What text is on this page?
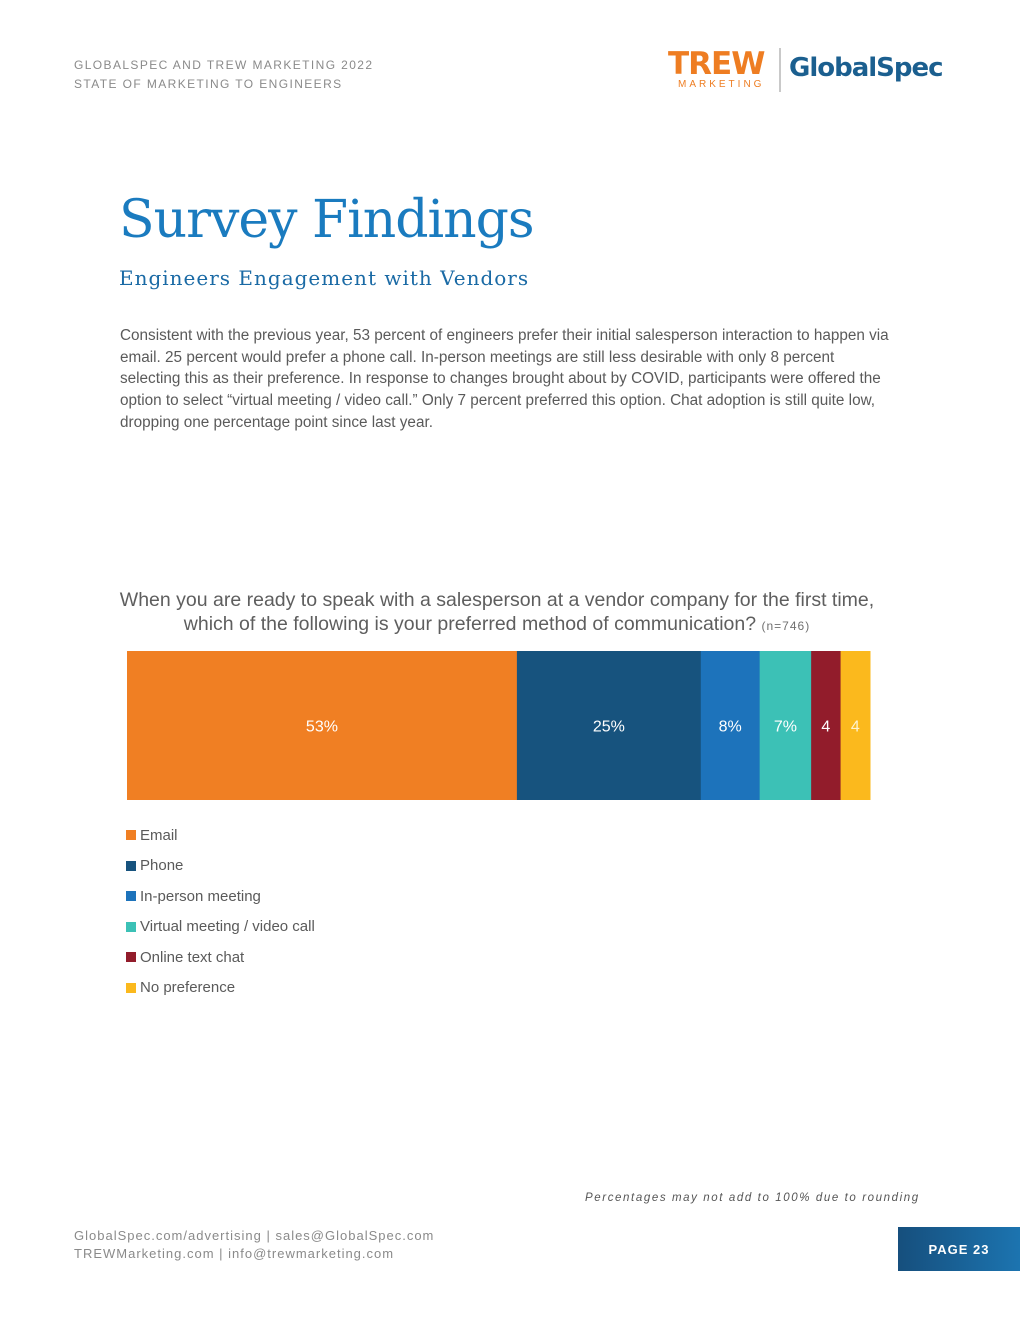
GLOBALSPEC AND TREW MARKETING 2022
STATE OF MARKETING TO ENGINEERS
TREW
MARKETING
GlobalSpec
Survey Findings
Engineers Engagement with Vendors

Consistent with the previous year, 53 percent of engineers prefer their initial salesperson interaction to happen via email. 25 percent would prefer a phone call. In-person meetings are still less desirable with only 8 percent selecting this as their preference. In response to changes brought about by COVID, participants were offered the option to select “virtual meeting / video call.” Only 7 percent preferred this option. Chat adoption is still quite low, dropping one percentage point since last year.

When you are ready to speak with a salesperson at a vendor company for the first time, which of the following is your preferred method of communication? (n=746)
53%	25%	8% 7% 4 4
Email
Phone
In-person meeting
Virtual meeting / video call
Online text chat
No preference
Percentages may not add to 100% due to rounding
GlobalSpec.com/advertising | sales@GlobalSpec.com
TREWMarketing.com | info@trewmarketing.com	PAGE 23
